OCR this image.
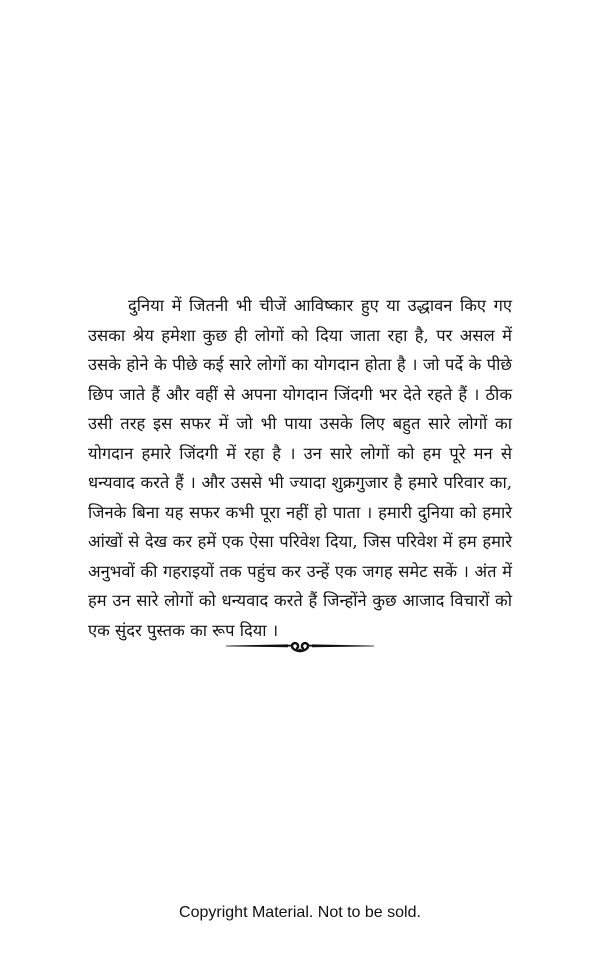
दुनिया में जितनी भी चीजें आविष्कार हुए या उद्धावन किए गए उसका श्रेय हमेशा कुछ ही लोगों को दिया जाता रहा है, पर असल में उसके होने के पीछे कई सारे लोगों का योगदान होता है । जो पर्दे के पीछे छिप जाते हैं और वहीं से अपना योगदान जिंदगी भर देते रहते हैं । ठीक उसी तरह इस सफर में जो भी पाया उसके लिए बहुत सारे लोगों का योगदान हमारे जिंदगी में रहा है । उन सारे लोगों को हम पूरे मन से धन्यवाद करते हैं । और उससे भी ज्यादा शुक्रगुजार है हमारे परिवार का, जिनके बिना यह सफर कभी पूरा नहीं हो पाता । हमारी दुनिया को हमारे आंखों से देख कर हमें एक ऐसा परिवेश दिया, जिस परिवेश में हम हमारे अनुभवों की गहराइयों तक पहुंच कर उन्हें एक जगह समेट सकें । अंत में हम उन सारे लोगों को धन्यवाद करते हैं जिन्होंने कुछ आजाद विचारों को एक सुंदर पुस्तक का रूप दिया ।

Copyright Material. Not to be sold.
